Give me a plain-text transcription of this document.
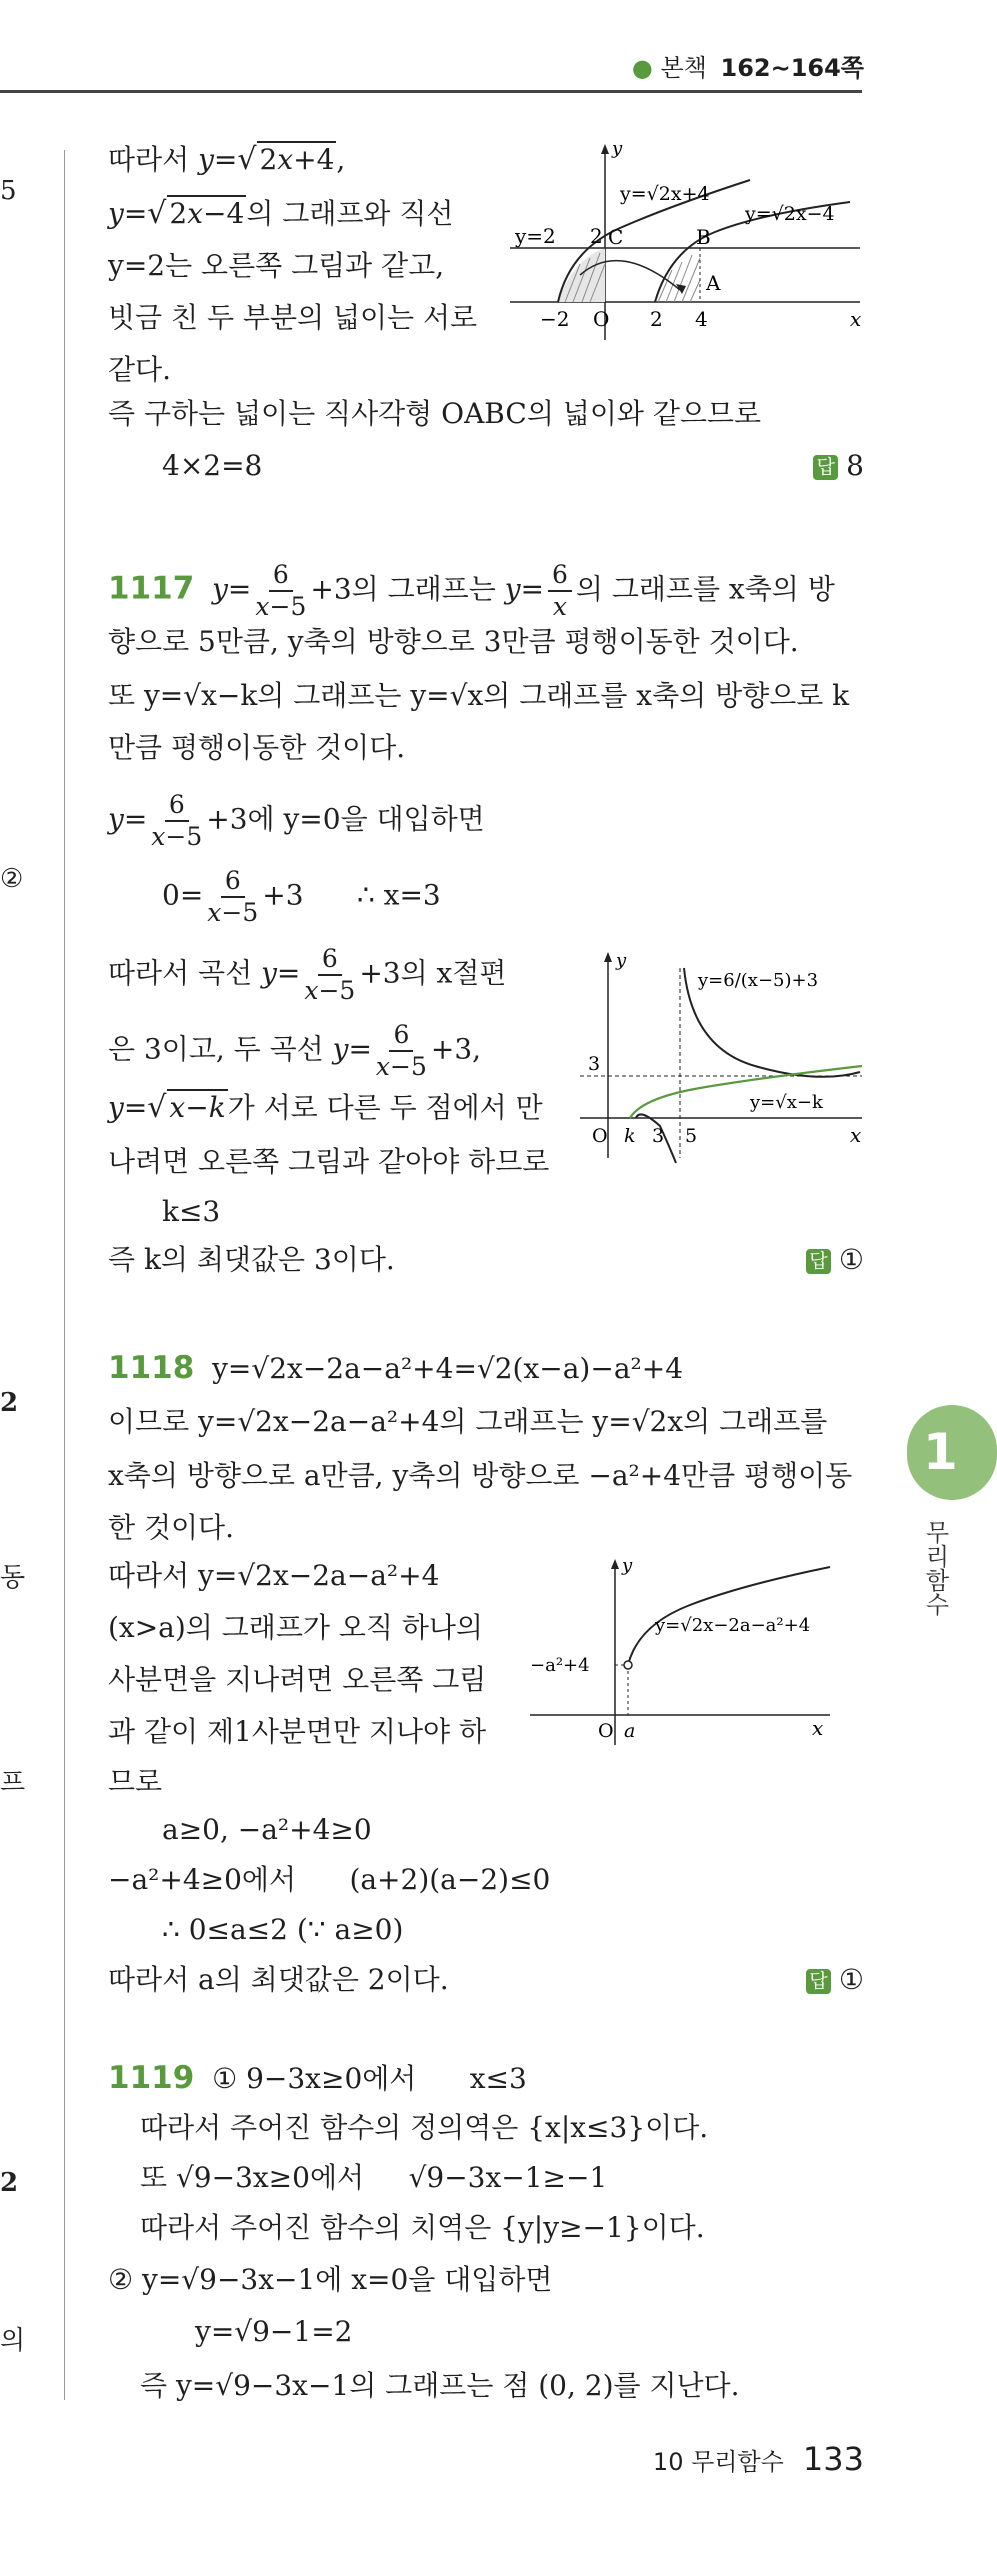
● 본책 162∼164쪽
5
②
2
동
프
2
의
1
무리함수
따라서 y=√ 2x+4,
y=√ 2x−4의 그래프와 직선
y=2는 오른쪽 그림과 같고,
빗금 친 두 부분의 넓이는 서로
같다.
즉 구하는 넓이는 직사각형 OABC의 넓이와 같으므로
4×2=8	답 8
y
x
y=2
y=√2x+4
y=√2x−4
C	B
A
O
−2	2 4
2
1117 $y= \frac{6}{x-5} +3$의 그래프는 $y= \frac{6}{x}$ 의 그래프를 x축의 방
향으로 5만큼, y축의 방향으로 3만큼 평행이동한 것이다.
또 y=√x−k의 그래프는 y=√x의 그래프를 x축의 방향으로 k
만큼 평행이동한 것이다.
$y= \frac{6}{x-5} +3$에 y=0을 대입하면
$0= \frac{6}{x-5} +3$ ∴ x=3
따라서 곡선 $y= \frac{6}{x-5} +3$의 x절편
은 3이고, 두 곡선 $y= \frac{6}{x-5} +3$,
y=√ x−k가 서로 다른 두 점에서 만
나려면 오른쪽 그림과 같아야 하므로
k≤3
즉 k의 최댓값은 3이다.	답 ①
y
x
y=6/(x−5)+3
y=√x−k
3
O k 3 5
1118 y=√2x−2a−a²+4=√2(x−a)−a²+4
이므로 y=√2x−2a−a²+4의 그래프는 y=√2x의 그래프를
x축의 방향으로 a만큼, y축의 방향으로 −a²+4만큼 평행이동
한 것이다.
따라서 y=√2x−2a−a²+4
(x>a)의 그래프가 오직 하나의
사분면을 지나려면 오른쪽 그림
과 같이 제1사분면만 지나야 하
므로
a≥0, −a²+4≥0
−a²+4≥0에서 (a+2)(a−2)≤0
∴ 0≤a≤2 (∵ a≥0)
따라서 a의 최댓값은 2이다.	답 ①
y
x
y=√2x−2a−a²+4
−a²+4
O a
1119 ① 9−3x≥0에서 x≤3
따라서 주어진 함수의 정의역은 {x|x≤3}이다.
또 √9−3x≥0에서 √9−3x−1≥−1
따라서 주어진 함수의 치역은 {y|y≥−1}이다.
② y=√9−3x−1에 x=0을 대입하면
y=√9−1=2
즉 y=√9−3x−1의 그래프는 점 (0, 2)를 지난다.
10 무리함수 133
